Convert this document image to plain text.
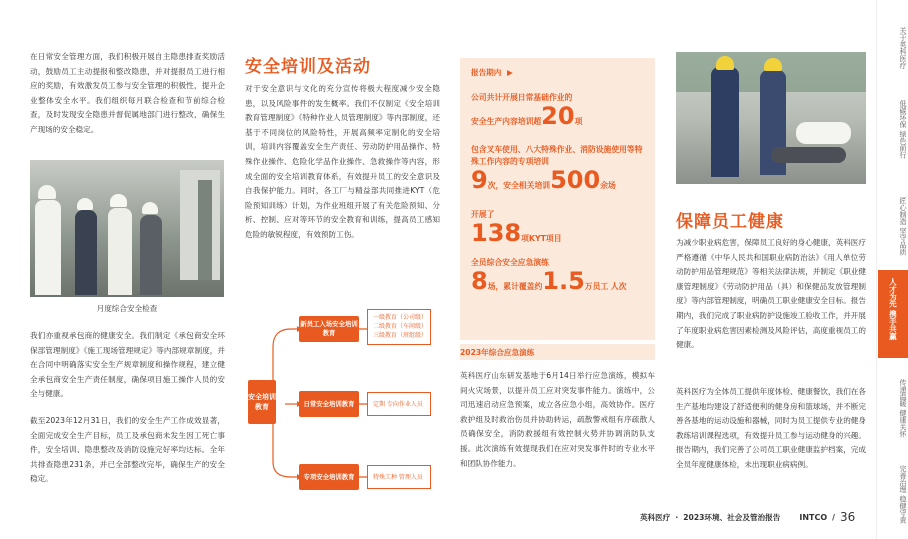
在日常安全管理方面，我们积极开展自主隐患排查奖励活动，鼓励员工主动提报和整改隐患，并对提报员工进行相应的奖励，有效激发员工参与安全管理的积极性，提升企业整体安全水平。我们组织每月联合检查和节前综合检查，及时发现安全隐患并督促属地部门进行整改，确保生产现场的安全稳定。

月度综合安全检查

我们亦重视承包商的健康安全。我们制定《承包商安全环保部管理制度》《施工现场管理规定》等内部规章制度，并在合同中明确落实安全生产规章制度和操作规程，建立健全承包商安全生产责任制度，确保项目施工操作人员的安全与健康。

截至2023年12月31日，我们的安全生产工作成效显著，全面完成安全生产目标，员工及承包商未发生因工死亡事件，安全培训、隐患整改及消防设施完好率均达标。全年共排查隐患231条，并已全部整改完毕，确保生产的安全稳定。

安全培训及活动

对于安全意识与文化的充分宣传将极大程度减少安全隐患，以及风险事件的发生概率。我们不仅制定《安全培训教育管理制度》《特种作业人员管理制度》等内部制度，还基于不同岗位的风险特性，开展高频率定制化的安全培训，培训内容覆盖安全生产责任、劳动防护用品操作、特殊作业操作、危险化学品作业操作、急救操作等内容，形成全面的安全培训教育体系，有效提升员工的安全意识及自我保护能力。同时，各工厂与精益部共同推进KYT（危险预知训练）计划，为作业班组开展了有关危险预知、分析、控制、应对等环节的安全教育和训练，提高员工感知危险的敏锐程度，有效预防工伤。

安全培训教育
新员工入场安全培训教育
一级教育（公司级）
二级教育（车间级）
三级教育（班组级）
日常安全培训教育	定期 专向作业人员
专项安全培训教育	特殊工种 管理人员
报告期内 ▶

公司共计开展日常基础作业的

安全生产内容培训超 20 项

包含叉车使用、八大特殊作业、消防设施使用等特殊工作内容的专项培训

9 次，安全相关培训 500 余场

开展了

138 项KYT项目

全员综合安全应急演练

8 场，累计覆盖约 1.5 万员工 人次
2023年综合应急演练

英科医疗山东研发基地于6月14日举行应急演练，模拟车间火灾场景，以提升员工应对突发事件能力。演练中，公司迅速启动应急预案，成立各应急小组，高效协作。医疗救护组及时救治伤员并协助转运，疏散警戒组有序疏散人员确保安全，消防救援组有效控制火势并协调消防队支援。此次演练有效提现我们在应对突发事件时的专业水平和团队协作能力。

保障员工健康

为减少职业病危害，保障员工良好的身心健康，英科医疗严格遵循《中华人民共和国职业病防治法》《用人单位劳动防护用品管理规范》等相关法律法规，并制定《职业健康管理制度》《劳动防护用品（具）和保健品发放管理制度》等内部管理制度，明确员工职业健康安全目标。报告期内，我们完成了职业病防护设施竣工验收工作，并开展了年度职业病危害因素检测及风险评估，高度重视员工的健康。

英科医疗为全体员工提供年度体检、健康餐饮，我们在各生产基地均建设了舒适便利的健身房和篮球场，并不断完善各基地的运动设施和器械，同时为员工提供专业的健身教练培训课程选项，有效提升员工参与运动健身的兴趣。报告期内，我们完善了公司员工职业健康监护档案，完成全员年度健康体检，未出现职业病病例。

英科医疗 · 2023环境、社会及管治报告 INTCO / 36
关于英科医疗
低碳环保 绿色前行
匠心制造 坚守品质
人才为先 携手共赢
传递温暖 健康关怀
完善治理 稳健守责
